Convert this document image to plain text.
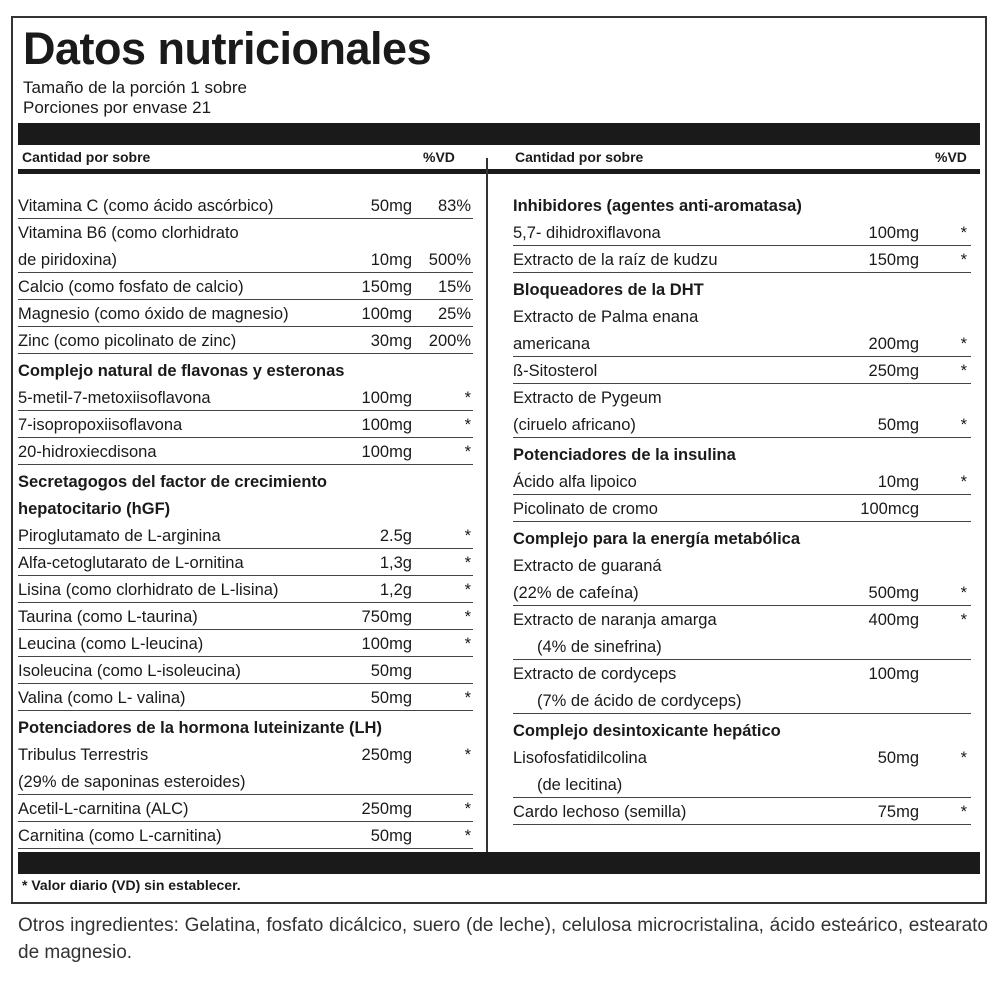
Datos nutricionales
Tamaño de la porción 1 sobre
Porciones por envase 21
Cantidad por sobre	%VD	Cantidad por sobre	%VD
Vitamina C (como ácido ascórbico)	50mg 83%
Vitamina B6 (como clorhidrato
de piridoxina)	10mg 500%
Calcio (como fosfato de calcio)	150mg 15%
Magnesio (como óxido de magnesio)	100mg 25%
Zinc (como picolinato de zinc)	30mg 200%
Complejo natural de flavonas y esteronas
5-metil-7-metoxiisoflavona	100mg	*
7-isopropoxiisoflavona	100mg	*
20-hidroxiecdisona	100mg	*
Secretagogos del factor de crecimiento
hepatocitario (hGF)
Piroglutamato de L-arginina	2.5g	*
Alfa-cetoglutarato de L-ornitina	1,3g	*
Lisina (como clorhidrato de L-lisina)	1,2g	*
Taurina (como L-taurina)	750mg	*
Leucina (como L-leucina)	100mg	*
Isoleucina (como L-isoleucina)	50mg
Valina (como L- valina)	50mg	*
Potenciadores de la hormona luteinizante (LH)
Tribulus Terrestris	250mg	*
(29% de saponinas esteroides)
Acetil-L-carnitina (ALC)	250mg	*
Carnitina (como L-carnitina)	50mg	*
Inhibidores (agentes anti-aromatasa)
5,7- dihidroxiflavona	100mg	*
Extracto de la raíz de kudzu	150mg	*
Bloqueadores de la DHT
Extracto de Palma enana
americana	200mg	*
ß-Sitosterol	250mg	*
Extracto de Pygeum
(ciruelo africano)	50mg	*
Potenciadores de la insulina
Ácido alfa lipoico	10mg	*
Picolinato de cromo	100mcg
Complejo para la energía metabólica
Extracto de guaraná
(22% de cafeína)	500mg	*
Extracto de naranja amarga	400mg	*
(4% de sinefrina)
Extracto de cordyceps	100mg
(7% de ácido de cordyceps)
Complejo desintoxicante hepático
Lisofosfatidilcolina	50mg	*
(de lecitina)
Cardo lechoso (semilla)	75mg	*
* Valor diario (VD) sin establecer.
Otros ingredientes: Gelatina, fosfato dicálcico, suero (de leche), celulosa microcristalina, ácido esteárico, estearato de magnesio.
